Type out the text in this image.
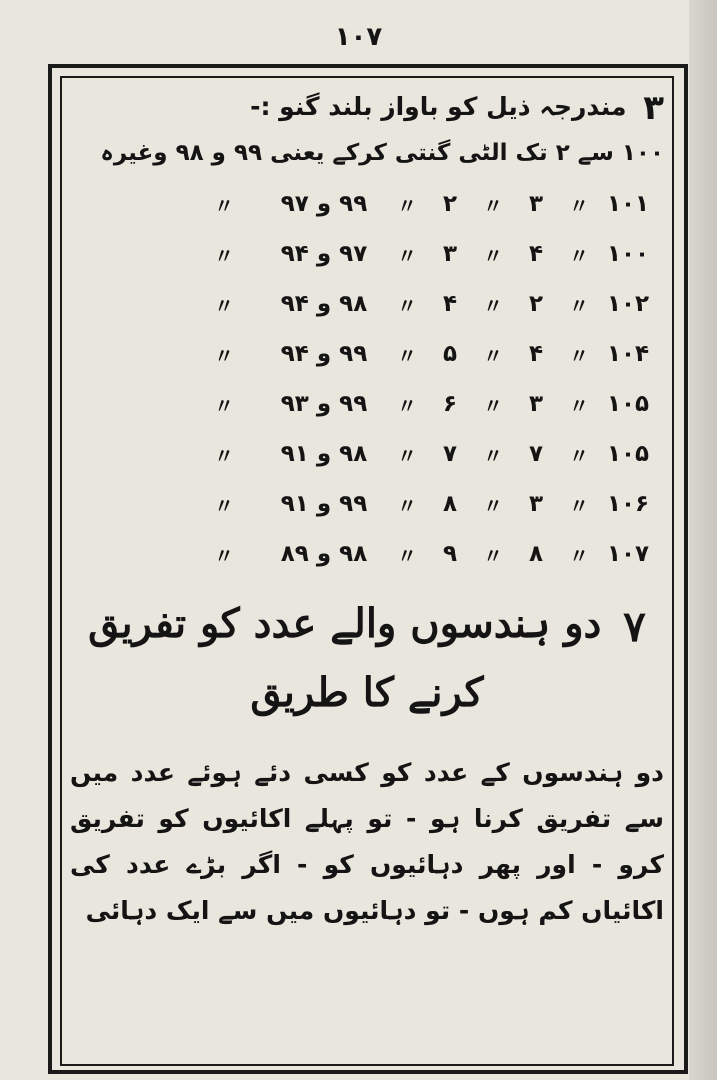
۱۰۷
۳ مندرجہ ذیل کو باواز بلند گنو :-
۱۰۰ سے ۲ تک الٹی گنتی کرکے یعنی ۹۹ و ۹۸ وغیرہ
۱۰۱
〃
۳
〃
۲
〃
۹۹ و ۹۷
〃
۱۰۰
〃
۴
〃
۳
〃
۹۷ و ۹۴
〃
۱۰۲
〃
۲
〃
۴
〃
۹۸ و ۹۴
〃
۱۰۴
〃
۴
〃
۵
〃
۹۹ و ۹۴
〃
۱۰۵
〃
۳
〃
۶
〃
۹۹ و ۹۳
〃
۱۰۵
〃
۷
〃
۷
〃
۹۸ و ۹۱
〃
۱۰۶
〃
۳
〃
۸
〃
۹۹ و ۹۱
〃
۱۰۷
〃
۸
〃
۹
〃
۹۸ و ۸۹
〃
۷ دو ہندسوں والے عدد کو تفریق
کرنے کا طریق
دو ہندسوں کے عدد کو کسی دئے ہوئے عدد میں سے تفریق کرنا ہو - تو پہلے اکائیوں کو تفریق کرو - اور پھر دہائیوں کو - اگر بڑے عدد کی اکائیاں کم ہوں - تو دہائیوں میں سے ایک دہائی
